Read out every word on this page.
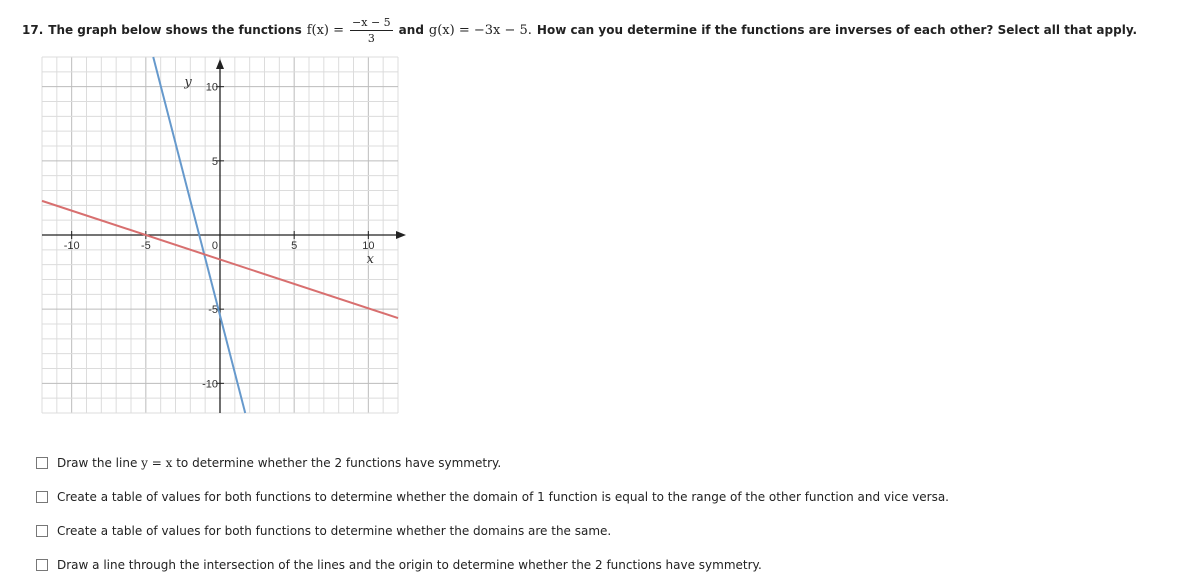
17. The graph below shows the functions $f(x) = \frac{-x - 5}{3}$ and g(x) = −3x − 5. How can you determine if the functions are inverses of each other? Select all that apply.
-10	-5	5	10
10
5
-5
-10
0
x
y
Draw the line y = x to determine whether the 2 functions have symmetry.
Create a table of values for both functions to determine whether the domain of 1 function is equal to the range of the other function and vice versa.
Create a table of values for both functions to determine whether the domains are the same.
Draw a line through the intersection of the lines and the origin to determine whether the 2 functions have symmetry.
